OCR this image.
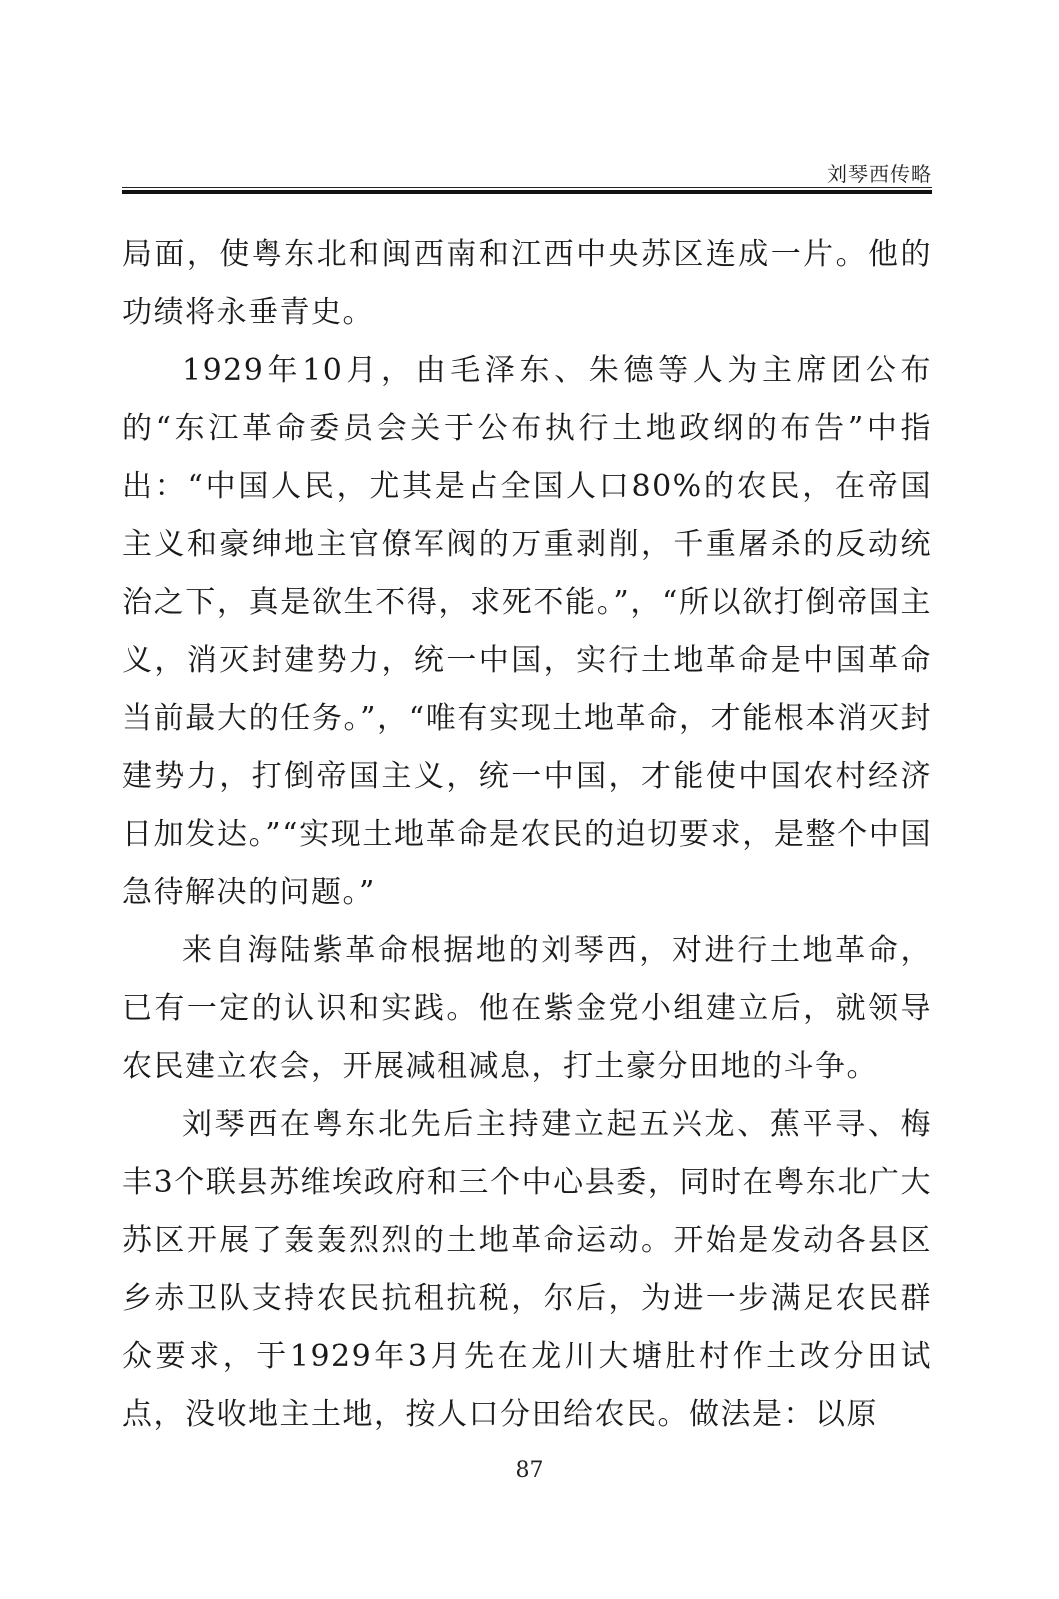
刘琴西传略

局面，使粤东北和闽西南和江西中央苏区连成一片。他的功绩将永垂青史。

1929年10月，由毛泽东、朱德等人为主席团公布的“东江革命委员会关于公布执行土地政纲的布告”中指出：“中国人民，尤其是占全国人口80%的农民，在帝国主义和豪绅地主官僚军阀的万重剥削，千重屠杀的反动统治之下，真是欲生不得，求死不能。”，“所以欲打倒帝国主义，消灭封建势力，统一中国，实行土地革命是中国革命当前最大的任务。”，“唯有实现土地革命，才能根本消灭封建势力，打倒帝国主义，统一中国，才能使中国农村经济日加发达。”“实现土地革命是农民的迫切要求，是整个中国急待解决的问题。”

来自海陆紫革命根据地的刘琴西，对进行土地革命，已有一定的认识和实践。他在紫金党小组建立后，就领导农民建立农会，开展减租减息，打土豪分田地的斗争。

刘琴西在粤东北先后主持建立起五兴龙、蕉平寻、梅丰3个联县苏维埃政府和三个中心县委，同时在粤东北广大苏区开展了轰轰烈烈的土地革命运动。开始是发动各县区乡赤卫队支持农民抗租抗税，尔后，为进一步满足农民群众要求，于1929年3月先在龙川大塘肚村作土改分田试点，没收地主土地，按人口分田给农民。做法是：以原

87
